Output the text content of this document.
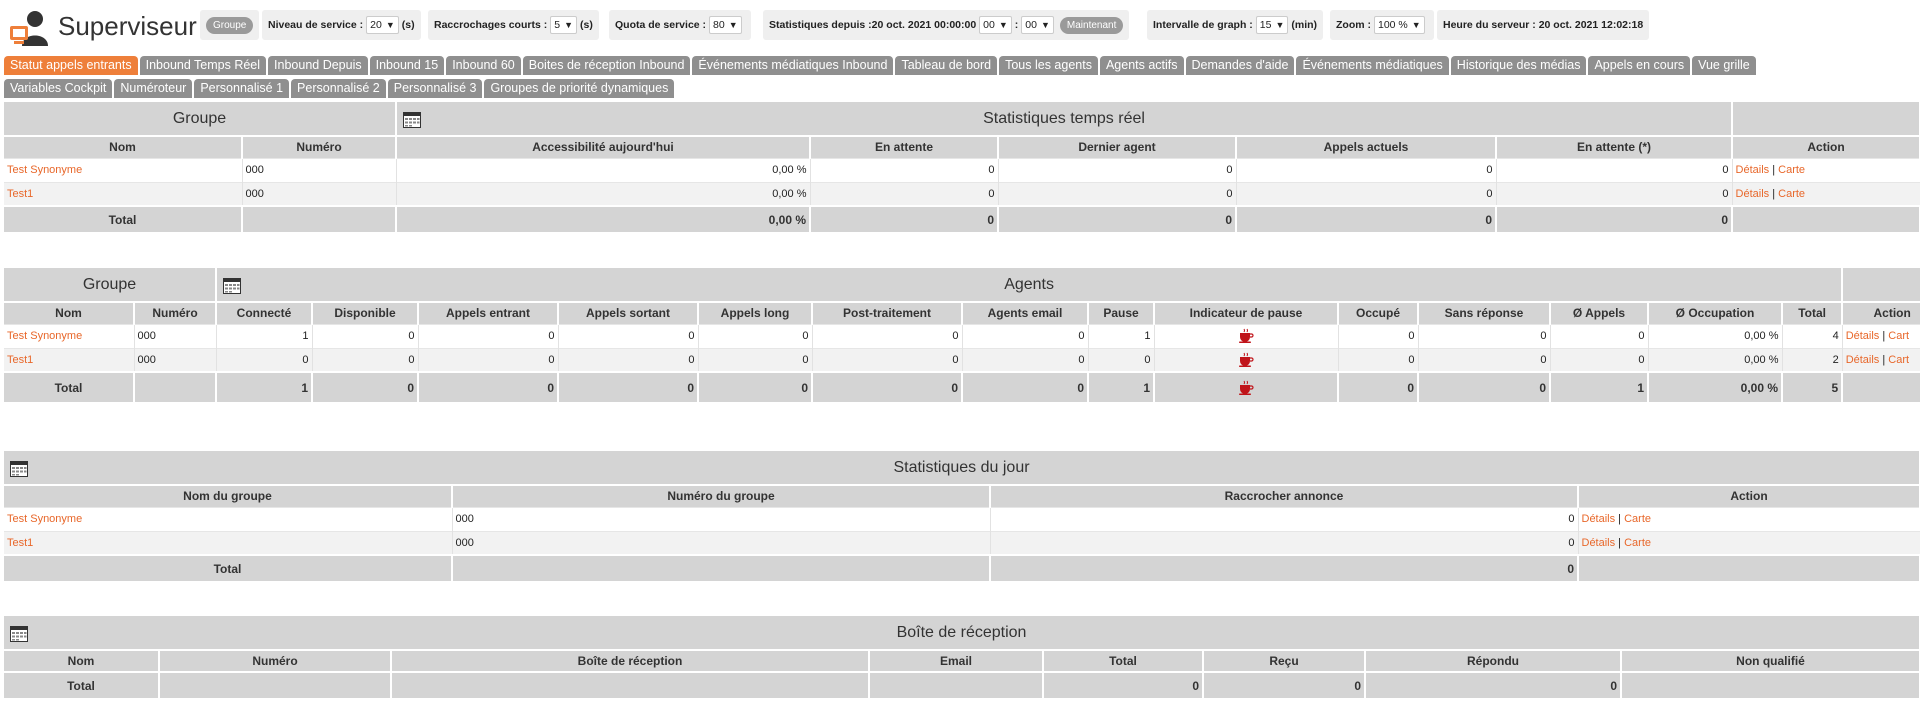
Superviseur	Groupe	Niveau de service : 20 ▼ (s) Raccrochages courts : 5 ▼ (s) Quota de service : 80 ▼	Statistiques depuis :20 oct. 2021 00:00:00 00 ▼ : 00 ▼	Maintenant	Intervalle de graph : 15 ▼ (min) Zoom : 100 % ▼ Heure du serveur : 20 oct. 2021 12:02:18
Statut appels entrants	Inbound Temps Réel	Inbound Depuis	Inbound 15	Inbound 60	Boites de réception Inbound	Événements médiatiques Inbound	Tableau de bord	Tous les agents	Agents actifs	Demandes d'aide	Événements médiatiques	Historique des médias	Appels en cours	Vue grille
Variables Cockpit	Numéroteur	Personnalisé 1	Personnalisé 2	Personnalisé 3	Groupes de priorité dynamiques
Groupe		Statistiques temps réel					
Nom	Numéro	Accessibilité aujourd'hui	En attente	Dernier agent	Appels actuels	En attente (*)	Action
Test Synonyme	000	0,00 %	0	0	0	0	Détails | Carte
Test1	000	0,00 %	0	0	0	0	Détails | Carte
Total		0,00 %	0	0	0	0	
Groupe		Agents														
Nom	Numéro	Connecté	Disponible	Appels entrant	Appels sortant	Appels long	Post-traitement	Agents email	Pause	Indicateur de pause	Occupé	Sans réponse	Ø Appels	Ø Occupation	Total	Action
Test Synonyme	000	1	0	0	0	0	0	0	1		0	0	0	0,00 %	4	Détails | Cart
Test1	000	0	0	0	0	0	0	0	0		0	0	0	0,00 %	2	Détails | Cart
Total		1	0	0	0	0	0	0	1		0	0	1	0,00 %	5	
Statistiques du jour			
Nom du groupe	Numéro du groupe	Raccrocher annonce	Action
Test Synonyme	000	0	Détails | Carte
Test1	000	0	Détails | Carte
Total		0	
Boîte de réception							
Nom	Numéro	Boîte de réception	Email	Total	Reçu	Répondu	Non qualifié
Total				0	0	0	
